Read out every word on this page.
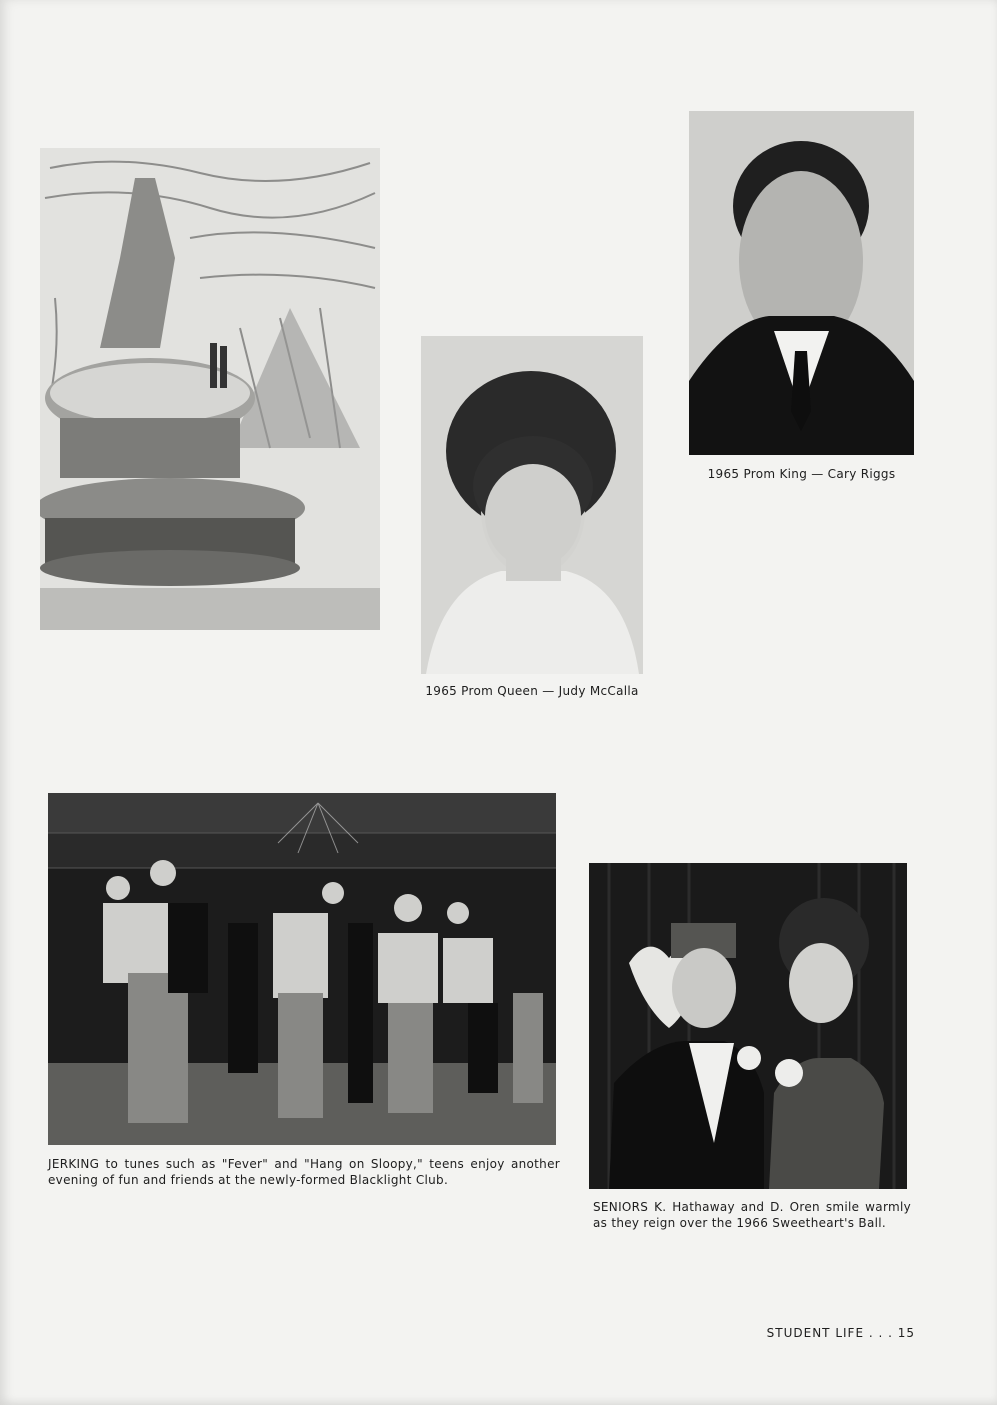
1965 Prom King — Cary Riggs
1965 Prom Queen — Judy McCalla
JERKING to tunes such as "Fever" and "Hang on Sloopy," teens enjoy another evening of fun and friends at the newly-formed Blacklight Club.
SENIORS K. Hathaway and D. Oren smile warmly as they reign over the 1966 Sweetheart's Ball.
STUDENT LIFE . . . 15
